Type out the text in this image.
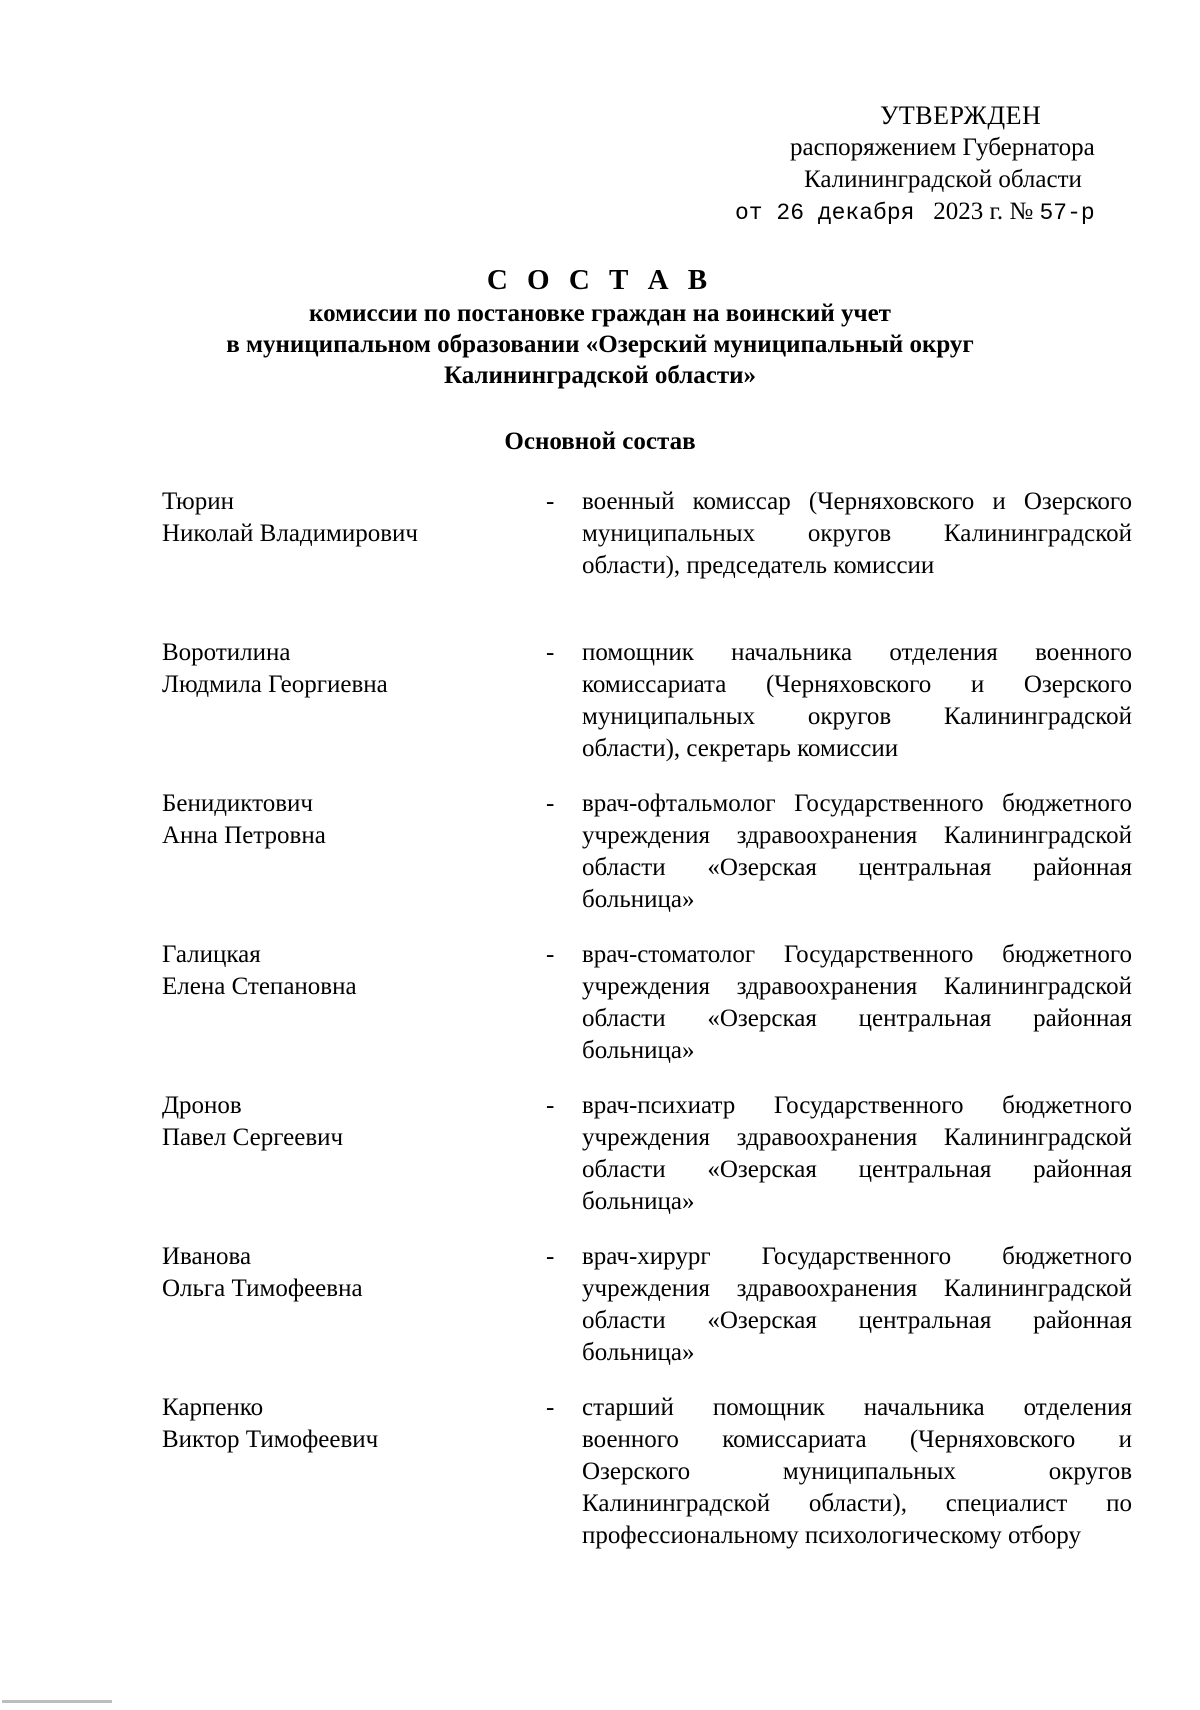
УТВЕРЖДЕН
распоряжением Губернатора
Калининградской области
от 26 декабря 2023 г. № 57-р
С О С Т А В
комиссии по постановке граждан на воинский учет
в муниципальном образовании «Озерский муниципальный округ
Калининградской области»
Основной состав
Тюрин
Николай Владимирович
- военный комиссар (Черняховского и Озерского муниципальных округов Калининградской области), председатель комиссии
Воротилина
Людмила Георгиевна
- помощник начальника отделения военного комиссариата (Черняховского и Озерского муниципальных округов Калининградской области), секретарь комиссии
Бенидиктович
Анна Петровна
- врач-офтальмолог Государственного бюджетного учреждения здравоохранения Калининградской области «Озерская центральная районная больница»
Галицкая
Елена Степановна
- врач-стоматолог Государственного бюджетного учреждения здравоохранения Калининградской области «Озерская центральная районная больница»
Дронов
Павел Сергеевич
- врач-психиатр Государственного бюджетного учреждения здравоохранения Калининградской области «Озерская центральная районная больница»
Иванова
Ольга Тимофеевна
- врач-хирург Государственного бюджетного учреждения здравоохранения Калининградской области «Озерская центральная районная больница»
Карпенко
Виктор Тимофеевич
- старший помощник начальника отделения военного комиссариата (Черняховского и Озерского муниципальных округов Калининградской области), специалист по профессиональному психологическому отбору
